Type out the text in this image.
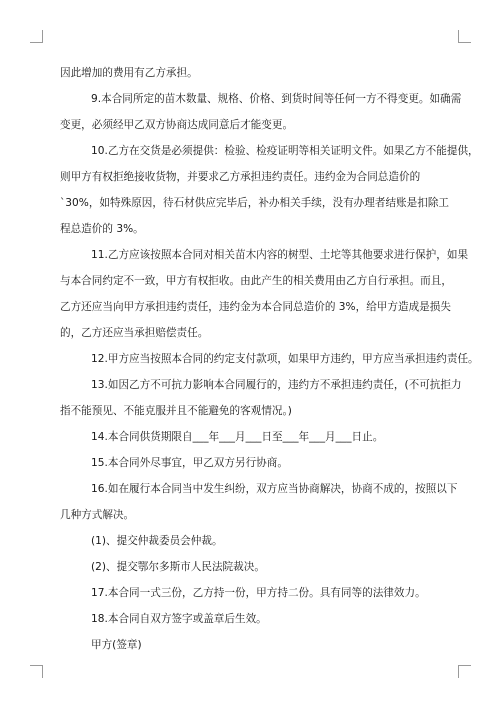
因此增加的费用有乙方承担。
9.本合同所定的苗木数量、规格、价格、到货时间等任何一方不得变更。如确需
变更，必须经甲乙双方协商达成同意后才能变更。
10.乙方在交货是必须提供：检验、检疫证明等相关证明文件。如果乙方不能提供，
则甲方有权拒绝接收货物，并要求乙方承担违约责任。违约金为合同总造价的
`30%，如特殊原因，待石材供应完毕后，补办相关手续，没有办理者结账是扣除工
程总造价的 3%。
11.乙方应该按照本合同对相关苗木内容的树型、土坨等其他要求进行保护，如果
与本合同约定不一致，甲方有权拒收。由此产生的相关费用由乙方自行承担。而且，
乙方还应当向甲方承担违约责任，违约金为本合同总造价的 3%，给甲方造成是损失
的，乙方还应当承担赔偿责任。
12.甲方应当按照本合同的约定支付款项，如果甲方违约，甲方应当承担违约责任。
13.如因乙方不可抗力影响本合同履行的，违约方不承担违约责任，(不可抗拒力
指不能预见、不能克服并且不能避免的客观情况。)
14.本合同供货期限自___年___月___日至___年___月___日止。
15.本合同外尽事宜，甲乙双方另行协商。
16.如在履行本合同当中发生纠纷，双方应当协商解决，协商不成的，按照以下
几种方式解决。
(1)、提交仲裁委员会仲裁。
(2)、提交鄂尔多斯市人民法院裁决。
17.本合同一式三份，乙方持一份，甲方持二份。具有同等的法律效力。
18.本合同自双方签字或盖章后生效。
甲方(签章)
